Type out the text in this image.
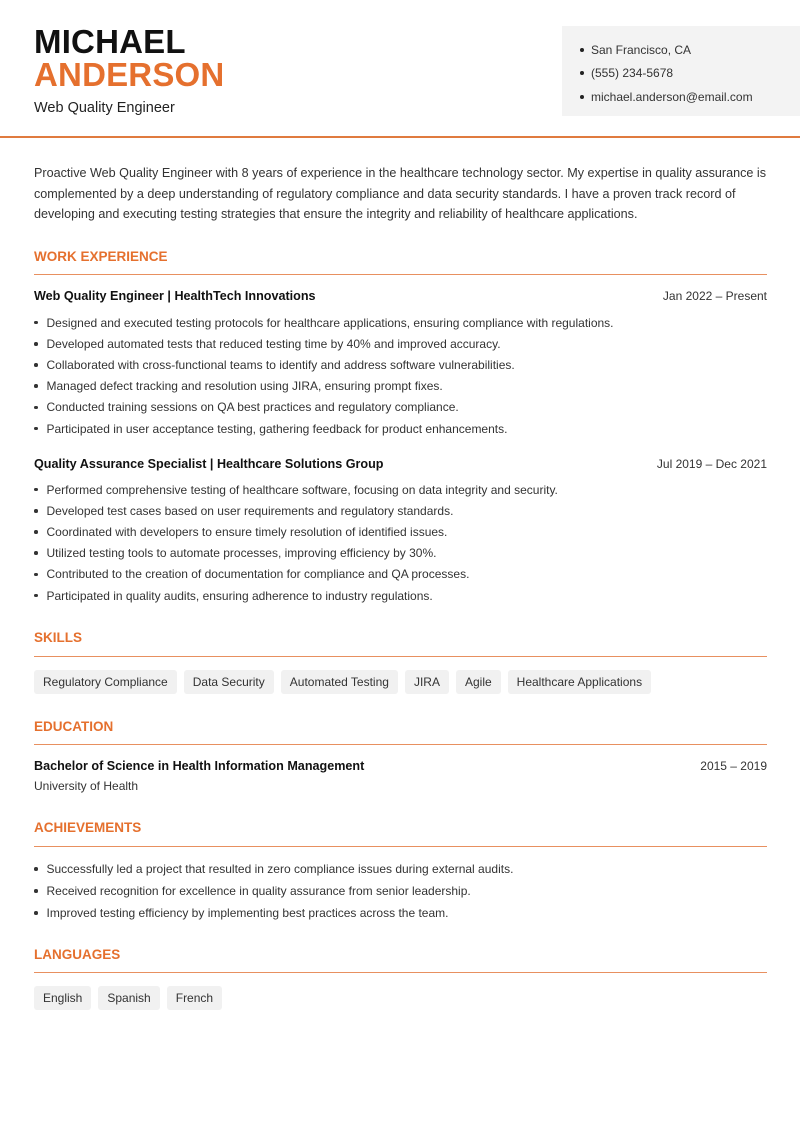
MICHAEL
ANDERSON
Web Quality Engineer
San Francisco, CA
(555) 234-5678
michael.anderson@email.com

Proactive Web Quality Engineer with 8 years of experience in the healthcare technology sector. My expertise in quality assurance is complemented by a deep understanding of regulatory compliance and data security standards. I have a proven track record of developing and executing testing strategies that ensure the integrity and reliability of healthcare applications.

WORK EXPERIENCE
Web Quality Engineer | HealthTech Innovations	Jan 2022 – Present
Designed and executed testing protocols for healthcare applications, ensuring compliance with regulations.
Developed automated tests that reduced testing time by 40% and improved accuracy.
Collaborated with cross-functional teams to identify and address software vulnerabilities.
Managed defect tracking and resolution using JIRA, ensuring prompt fixes.
Conducted training sessions on QA best practices and regulatory compliance.
Participated in user acceptance testing, gathering feedback for product enhancements.
Quality Assurance Specialist | Healthcare Solutions Group	Jul 2019 – Dec 2021
Performed comprehensive testing of healthcare software, focusing on data integrity and security.
Developed test cases based on user requirements and regulatory standards.
Coordinated with developers to ensure timely resolution of identified issues.
Utilized testing tools to automate processes, improving efficiency by 30%.
Contributed to the creation of documentation for compliance and QA processes.
Participated in quality audits, ensuring adherence to industry regulations.
SKILLS
Regulatory Compliance	Data Security	Automated Testing	JIRA	Agile	Healthcare Applications
EDUCATION
Bachelor of Science in Health Information Management	2015 – 2019
University of Health
ACHIEVEMENTS
Successfully led a project that resulted in zero compliance issues during external audits.
Received recognition for excellence in quality assurance from senior leadership.
Improved testing efficiency by implementing best practices across the team.
LANGUAGES
English	Spanish	French
